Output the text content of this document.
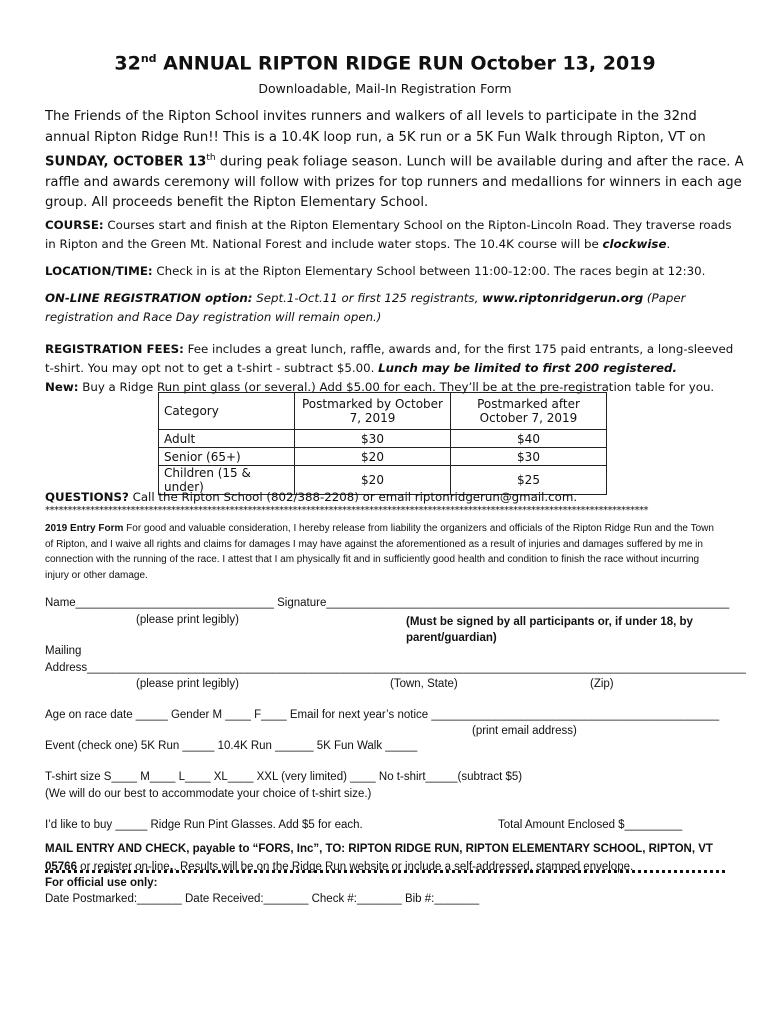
32nd ANNUAL RIPTON RIDGE RUN October 13, 2019
Downloadable, Mail-In Registration Form
The Friends of the Ripton School invites runners and walkers of all levels to participate in the 32nd annual Ripton Ridge Run!! This is a 10.4K loop run, a 5K run or a 5K Fun Walk through Ripton, VT on SUNDAY, OCTOBER 13th during peak foliage season. Lunch will be available during and after the race. A raffle and awards ceremony will follow with prizes for top runners and medallions for winners in each age group. All proceeds benefit the Ripton Elementary School.
COURSE: Courses start and finish at the Ripton Elementary School on the Ripton-Lincoln Road. They traverse roads in Ripton and the Green Mt. National Forest and include water stops. The 10.4K course will be clockwise.
LOCATION/TIME: Check in is at the Ripton Elementary School between 11:00-12:00. The races begin at 12:30.
ON-LINE REGISTRATION option: Sept.1-Oct.11 or first 125 registrants, www.riptonridgerun.org (Paper registration and Race Day registration will remain open.)
REGISTRATION FEES: Fee includes a great lunch, raffle, awards and, for the first 175 paid entrants, a long-sleeved t-shirt. You may opt not to get a t-shirt - subtract $5.00. Lunch may be limited to first 200 registered.
New: Buy a Ridge Run pint glass (or several.) Add $5.00 for each. They’ll be at the pre-registration table for you.
Category	Postmarked by October 7, 2019	Postmarked after October 7, 2019

Adult	$30	$40
Senior (65+)	$20	$30
Children (15 & under)	$20	$25
QUESTIONS? Call the Ripton School (802/388-2208) or email riptonridgerun@gmail.com.
**************************************************************************************************************************************
2019 Entry Form For good and valuable consideration, I hereby release from liability the organizers and officials of the Ripton Ridge Run and the Town of Ripton, and I waive all rights and claims for damages I may have against the aforementioned as a result of injuries and damages suffered by me in connection with the running of the race. I attest that I am physically fit and in sufficiently good health and condition to finish the race without incurring injury or other damage.
Name_______________________________ Signature_______________________________________________________________
(please print legibly)	(Must be signed by all participants or, if under 18, by parent/guardian)
Mailing
Address_______________________________________________________________________________________________________
(please print legibly)	(Town, State)	(Zip)
Age on race date _____ Gender M ____ F____ Email for next year’s notice _____________________________________________
(print email address)
Event (check one) 5K Run _____ 10.4K Run ______ 5K Fun Walk _____
T-shirt size S____ M____ L____ XL____ XXL (very limited) ____ No t-shirt_____(subtract $5)
(We will do our best to accommodate your choice of t-shirt size.)
I’d like to buy _____ Ridge Run Pint Glasses. Add $5 for each.	Total Amount Enclosed $_________
MAIL ENTRY AND CHECK, payable to “FORS, Inc”, TO: RIPTON RIDGE RUN, RIPTON ELEMENTARY SCHOOL, RIPTON, VT 05766 or register on-line.. Results will be on the Ridge Run website or include a self-addressed, stamped envelope.
For official use only:
Date Postmarked:_______ Date Received:_______ Check #:_______ Bib #:_______
